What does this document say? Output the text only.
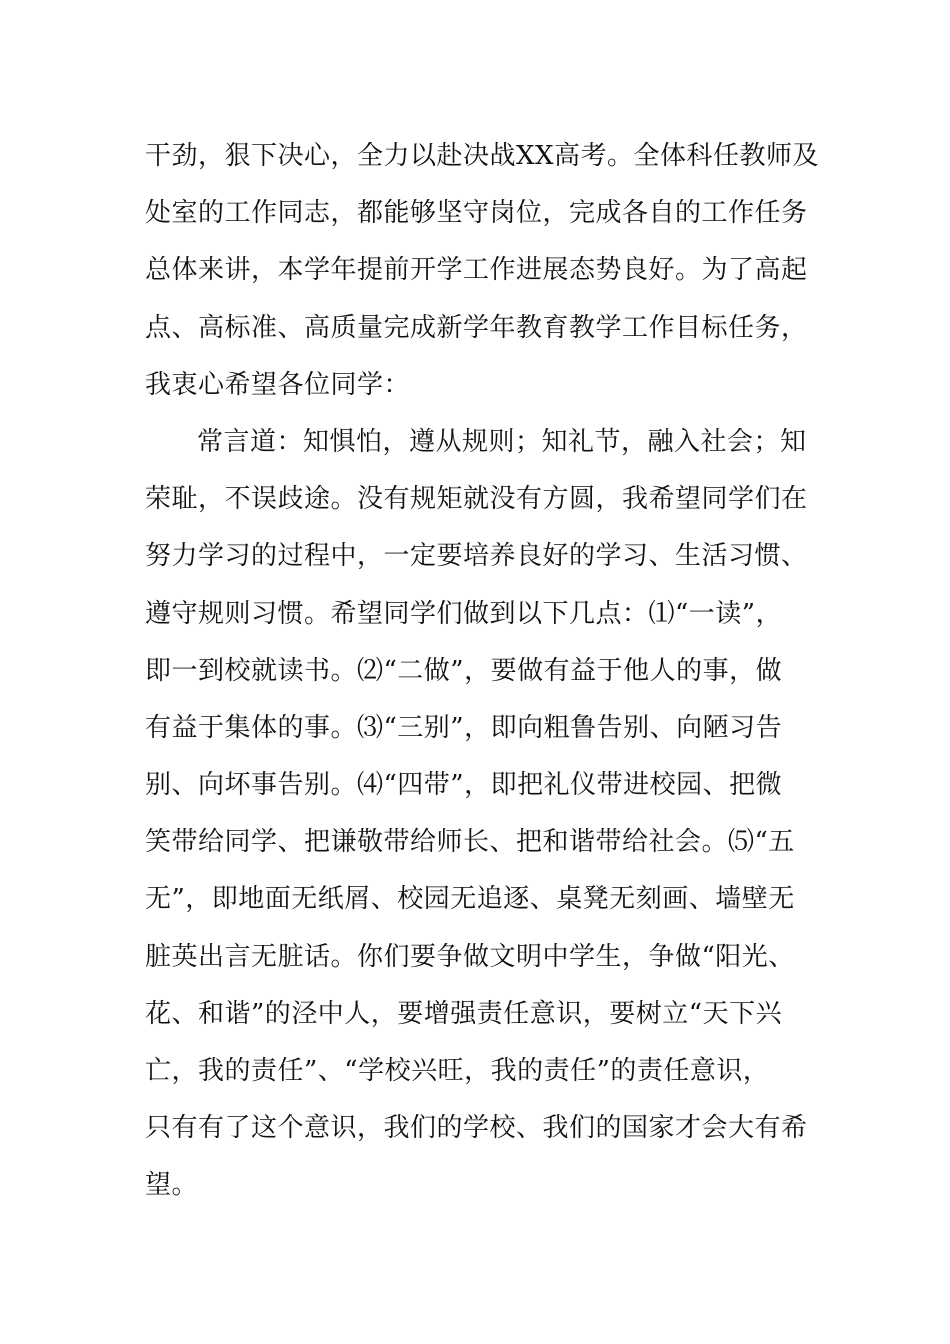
干劲，狠下决心，全力以赴决战XX高考。全体科任教师及
处室的工作同志，都能够坚守岗位，完成各自的工作任务
总体来讲，本学年提前开学工作进展态势良好。为了高起
点、高标准、高质量完成新学年教育教学工作目标任务，
我衷心希望各位同学：
常言道：知惧怕，遵从规则；知礼节，融入社会；知
荣耻，不误歧途。没有规矩就没有方圆，我希望同学们在
努力学习的过程中，一定要培养良好的学习、生活习惯、
遵守规则习惯。希望同学们做到以下几点：⑴“一读”，
即一到校就读书。⑵“二做”，要做有益于他人的事，做
有益于集体的事。⑶“三别”，即向粗鲁告别、向陋习告
别、向坏事告别。⑷“四带”，即把礼仪带进校园、把微
笑带给同学、把谦敬带给师长、把和谐带给社会。⑸“五
无”，即地面无纸屑、校园无追逐、桌凳无刻画、墙壁无
脏英出言无脏话。你们要争做文明中学生，争做“阳光、
花、和谐”的泾中人，要增强责任意识，要树立“天下兴
亡，我的责任”、“学校兴旺，我的责任”的责任意识，
只有有了这个意识，我们的学校、我们的国家才会大有希
望。
